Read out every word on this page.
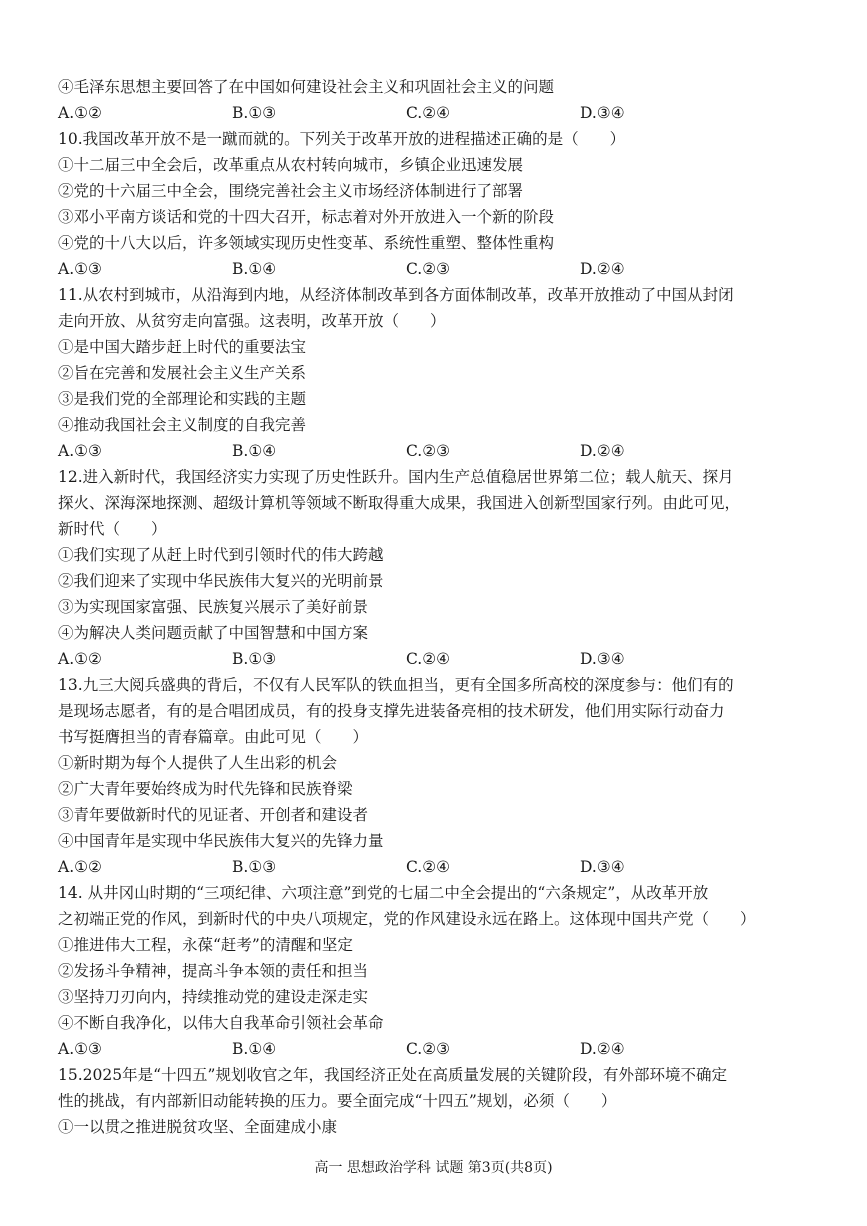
④毛泽东思想主要回答了在中国如何建设社会主义和巩固社会主义的问题
A.①②	B.①③	C.②④	D.③④
10.我国改革开放不是一蹴而就的。下列关于改革开放的进程描述正确的是（　　）
①十二届三中全会后，改革重点从农村转向城市，乡镇企业迅速发展
②党的十六届三中全会，围绕完善社会主义市场经济体制进行了部署
③邓小平南方谈话和党的十四大召开，标志着对外开放进入一个新的阶段
④党的十八大以后，许多领域实现历史性变革、系统性重塑、整体性重构
A.①③	B.①④	C.②③	D.②④
11.从农村到城市，从沿海到内地，从经济体制改革到各方面体制改革，改革开放推动了中国从封闭
走向开放、从贫穷走向富强。这表明，改革开放（　　）
①是中国大踏步赶上时代的重要法宝
②旨在完善和发展社会主义生产关系
③是我们党的全部理论和实践的主题
④推动我国社会主义制度的自我完善
A.①③	B.①④	C.②③	D.②④
12.进入新时代，我国经济实力实现了历史性跃升。国内生产总值稳居世界第二位；载人航天、探月
探火、深海深地探测、超级计算机等领域不断取得重大成果，我国进入创新型国家行列。由此可见，
新时代（　　）
①我们实现了从赶上时代到引领时代的伟大跨越
②我们迎来了实现中华民族伟大复兴的光明前景
③为实现国家富强、民族复兴展示了美好前景
④为解决人类问题贡献了中国智慧和中国方案
A.①②	B.①③	C.②④	D.③④
13.九三大阅兵盛典的背后，不仅有人民军队的铁血担当，更有全国多所高校的深度参与：他们有的
是现场志愿者，有的是合唱团成员，有的投身支撑先进装备亮相的技术研发，他们用实际行动奋力
书写挺膺担当的青春篇章。由此可见（　　）
①新时期为每个人提供了人生出彩的机会
②广大青年要始终成为时代先锋和民族脊梁
③青年要做新时代的见证者、开创者和建设者
④中国青年是实现中华民族伟大复兴的先锋力量
A.①②	B.①③	C.②④	D.③④
14. 从井冈山时期的“三项纪律、六项注意”到党的七届二中全会提出的“六条规定”，从改革开放
之初端正党的作风，到新时代的中央八项规定，党的作风建设永远在路上。这体现中国共产党（　　）
①推进伟大工程，永葆“赶考”的清醒和坚定
②发扬斗争精神，提高斗争本领的责任和担当
③坚持刀刃向内，持续推动党的建设走深走实
④不断自我净化，以伟大自我革命引领社会革命
A.①③	B.①④	C.②③	D.②④
15.2025年是“十四五”规划收官之年，我国经济正处在高质量发展的关键阶段，有外部环境不确定
性的挑战，有内部新旧动能转换的压力。要全面完成“十四五”规划，必须（　　）
①一以贯之推进脱贫攻坚、全面建成小康
高一 思想政治学科 试题 第3页(共8页)
